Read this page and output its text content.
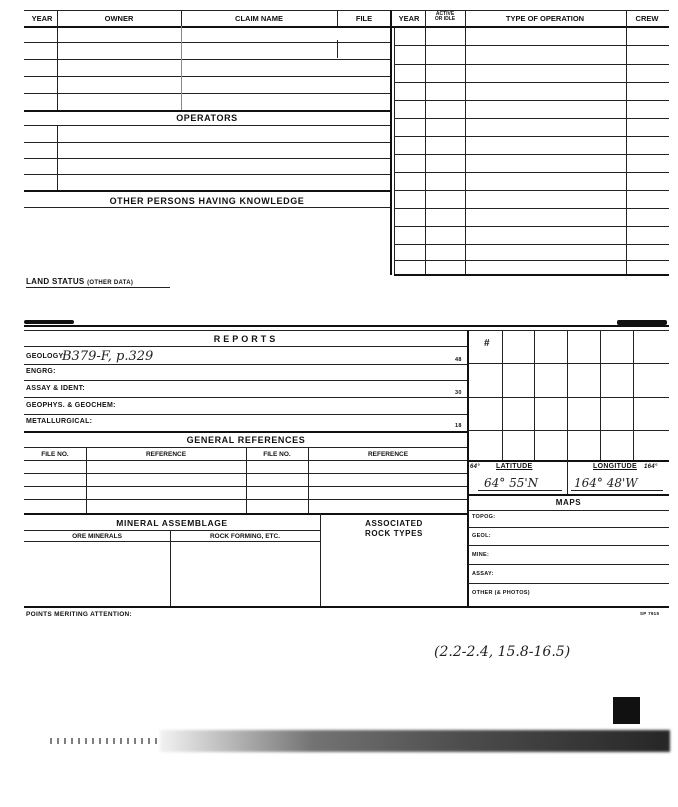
YEAR	OWNER	CLAIM NAME	FILE	YEAR	ACTIVE
OR IDLE	TYPE OF OPERATION	CREW
OPERATORS
OTHER PERSONS HAVING KNOWLEDGE
LAND STATUS (OTHER DATA)
REPORTS
GEOLOGY:
B379-F, p.329	48
ENGRG:
ASSAY & IDENT:
30
GEOPHYS. & GEOCHEM:
METALLURGICAL:
18
GENERAL REFERENCES
FILE NO.	REFERENCE	FILE NO.	REFERENCE
#
64° LATITUDE	LONGITUDE 164°
64° 55'N	164° 48'W
MAPS
TOPOG:
GEOL:
MINE:
ASSAY:
OTHER (& PHOTOS)
MINERAL ASSEMBLAGE
ORE MINERALS	ROCK FORMING, ETC.
ASSOCIATED
ROCK TYPES
POINTS MERITING ATTENTION:	SP 7915
(2.2-2.4, 15.8-16.5)
